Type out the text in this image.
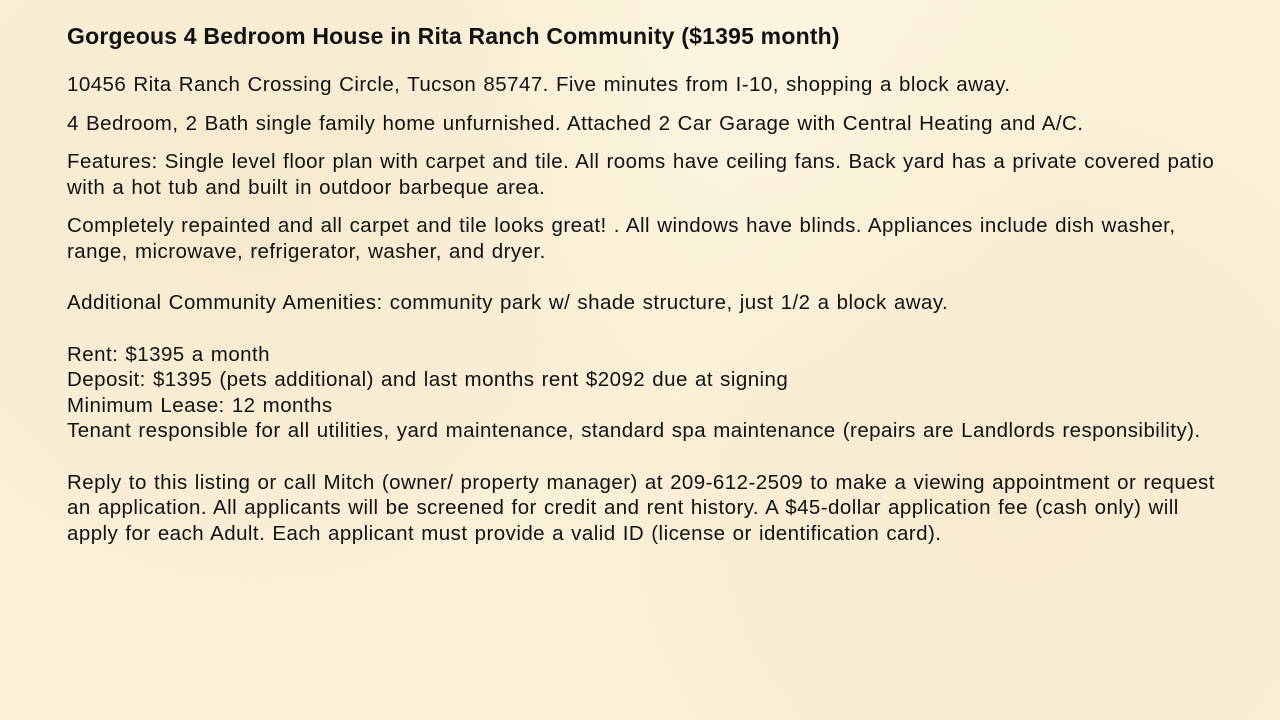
Gorgeous 4 Bedroom House in Rita Ranch Community ($1395 month)

10456 Rita Ranch Crossing Circle, Tucson 85747. Five minutes from I-10, shopping a block away.

4 Bedroom, 2 Bath single family home unfurnished. Attached 2 Car Garage with Central Heating and A/C.

Features: Single level floor plan with carpet and tile. All rooms have ceiling fans. Back yard has a private covered patio with a hot tub and built in outdoor barbeque area.

Completely repainted and all carpet and tile looks great! . All windows have blinds. Appliances include dish washer, range, microwave, refrigerator, washer, and dryer.

Additional Community Amenities: community park w/ shade structure, just 1/2 a block away.

Rent: $1395 a month
Deposit: $1395 (pets additional) and last months rent $2092 due at signing
Minimum Lease: 12 months
Tenant responsible for all utilities, yard maintenance, standard spa maintenance (repairs are Landlords responsibility).

Reply to this listing or call Mitch (owner/ property manager) at 209-612-2509 to make a viewing appointment or request an application. All applicants will be screened for credit and rent history. A $45-dollar application fee (cash only) will apply for each Adult. Each applicant must provide a valid ID (license or identification card).
